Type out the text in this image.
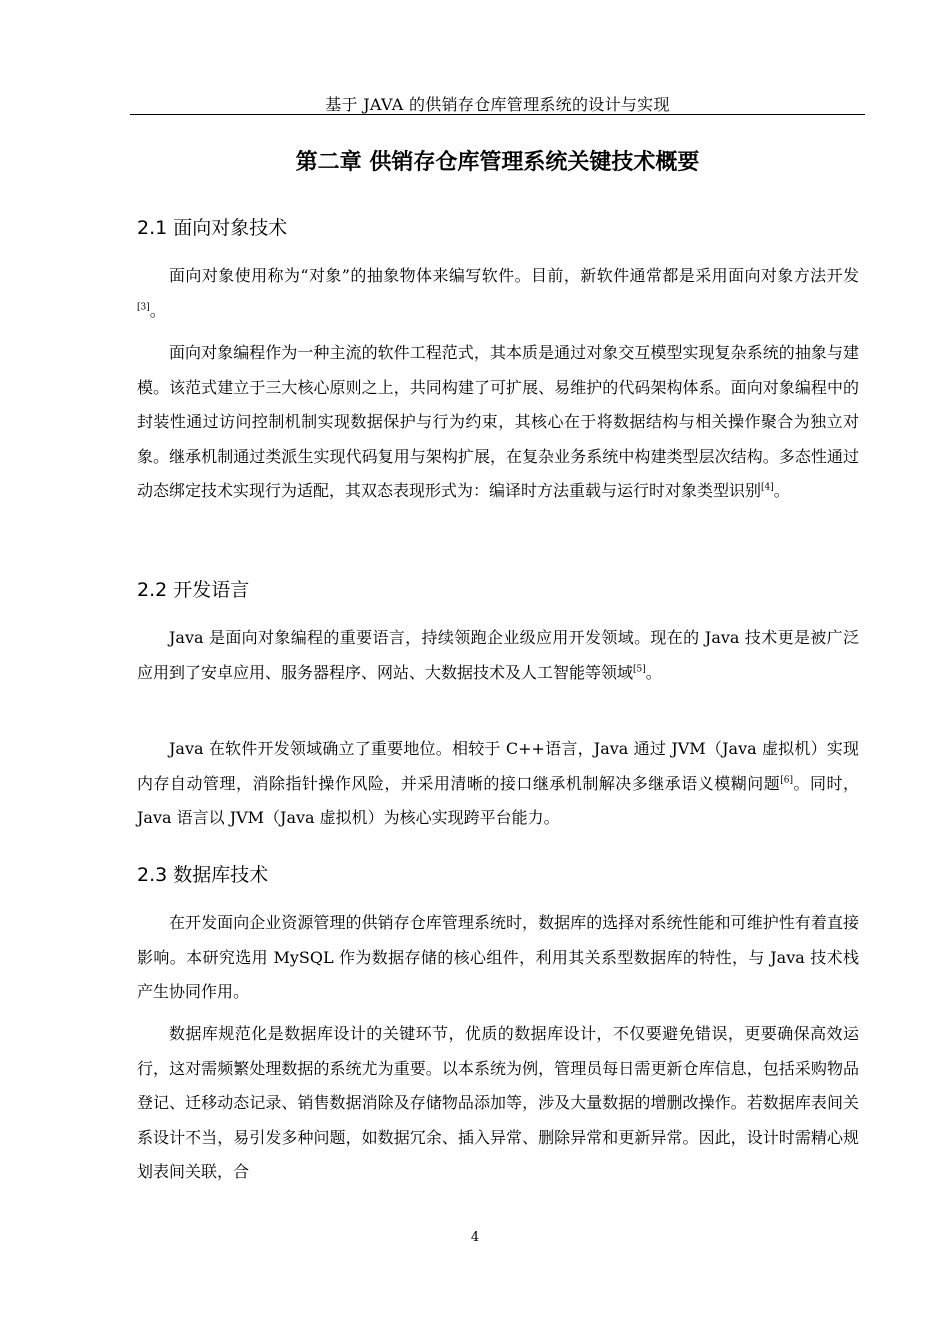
基于 JAVA 的供销存仓库管理系统的设计与实现
第二章 供销存仓库管理系统关键技术概要
2.1 面向对象技术

面向对象使用称为“对象”的抽象物体来编写软件。目前，新软件通常都是采用面向对象方法开发[3]。

面向对象编程作为一种主流的软件工程范式，其本质是通过对象交互模型实现复杂系统的抽象与建模。该范式建立于三大核心原则之上，共同构建了可扩展、易维护的代码架构体系。面向对象编程中的封装性通过访问控制机制实现数据保护与行为约束，其核心在于将数据结构与相关操作聚合为独立对象。继承机制通过类派生实现代码复用与架构扩展，在复杂业务系统中构建类型层次结构。多态性通过动态绑定技术实现行为适配，其双态表现形式为：编译时方法重载与运行时对象类型识别[4]。

2.2 开发语言

Java 是面向对象编程的重要语言，持续领跑企业级应用开发领域。现在的 Java 技术更是被广泛应用到了安卓应用、服务器程序、网站、大数据技术及人工智能等领域[5]。

Java 在软件开发领域确立了重要地位。相较于 C++语言，Java 通过 JVM（Java 虚拟机）实现内存自动管理，消除指针操作风险，并采用清晰的接口继承机制解决多继承语义模糊问题[6]。同时，Java 语言以 JVM（Java 虚拟机）为核心实现跨平台能力。

2.3 数据库技术

在开发面向企业资源管理的供销存仓库管理系统时，数据库的选择对系统性能和可维护性有着直接影响。本研究选用 MySQL 作为数据存储的核心组件，利用其关系型数据库的特性，与 Java 技术栈产生协同作用。

数据库规范化是数据库设计的关键环节，优质的数据库设计，不仅要避免错误，更要确保高效运行，这对需频繁处理数据的系统尤为重要。以本系统为例，管理员每日需更新仓库信息，包括采购物品登记、迁移动态记录、销售数据消除及存储物品添加等，涉及大量数据的增删改操作。若数据库表间关系设计不当，易引发多种问题，如数据冗余、插入异常、删除异常和更新异常。因此，设计时需精心规划表间关联，合

4
